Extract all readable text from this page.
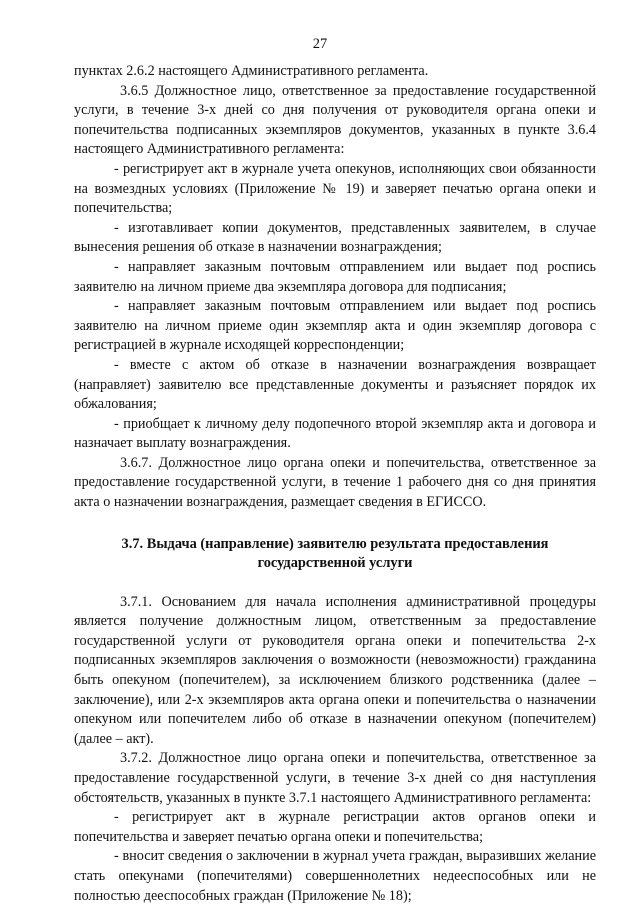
27

пунктах 2.6.2 настоящего Административного регламента.

3.6.5 Должностное лицо, ответственное за предоставление государственной услуги, в течение 3-х дней со дня получения от руководителя органа опеки и попечительства подписанных экземпляров документов, указанных в пункте 3.6.4 настоящего Административного регламента:

- регистрирует акт в журнале учета опекунов, исполняющих свои обязанности на возмездных условиях (Приложение № 19) и заверяет печатью органа опеки и попечительства;

- изготавливает копии документов, представленных заявителем, в случае вынесения решения об отказе в назначении вознаграждения;

- направляет заказным почтовым отправлением или выдает под роспись заявителю на личном приеме два экземпляра договора для подписания;

- направляет заказным почтовым отправлением или выдает под роспись заявителю на личном приеме один экземпляр акта и один экземпляр договора с регистрацией в журнале исходящей корреспонденции;

- вместе с актом об отказе в назначении вознаграждения возвращает (направляет) заявителю все представленные документы и разъясняет порядок их обжалования;

- приобщает к личному делу подопечного второй экземпляр акта и договора и назначает выплату вознаграждения.

3.6.7. Должностное лицо органа опеки и попечительства, ответственное за предоставление государственной услуги, в течение 1 рабочего дня со дня принятия акта о назначении вознаграждения, размещает сведения в ЕГИССО.

3.7. Выдача (направление) заявителю результата предоставления государственной услуги

3.7.1. Основанием для начала исполнения административной процедуры является получение должностным лицом, ответственным за предоставление государственной услуги от руководителя органа опеки и попечительства 2-х подписанных экземпляров заключения о возможности (невозможности) гражданина быть опекуном (попечителем), за исключением близкого родственника (далее – заключение), или 2-х экземпляров акта органа опеки и попечительства о назначении опекуном или попечителем либо об отказе в назначении опекуном (попечителем) (далее – акт).

3.7.2. Должностное лицо органа опеки и попечительства, ответственное за предоставление государственной услуги, в течение 3-х дней со дня наступления обстоятельств, указанных в пункте 3.7.1 настоящего Административного регламента:

- регистрирует акт в журнале регистрации актов органов опеки и попечительства и заверяет печатью органа опеки и попечительства;

- вносит сведения о заключении в журнал учета граждан, выразивших желание стать опекунами (попечителями) совершеннолетних недееспособных или не полностью дееспособных граждан (Приложение № 18);
